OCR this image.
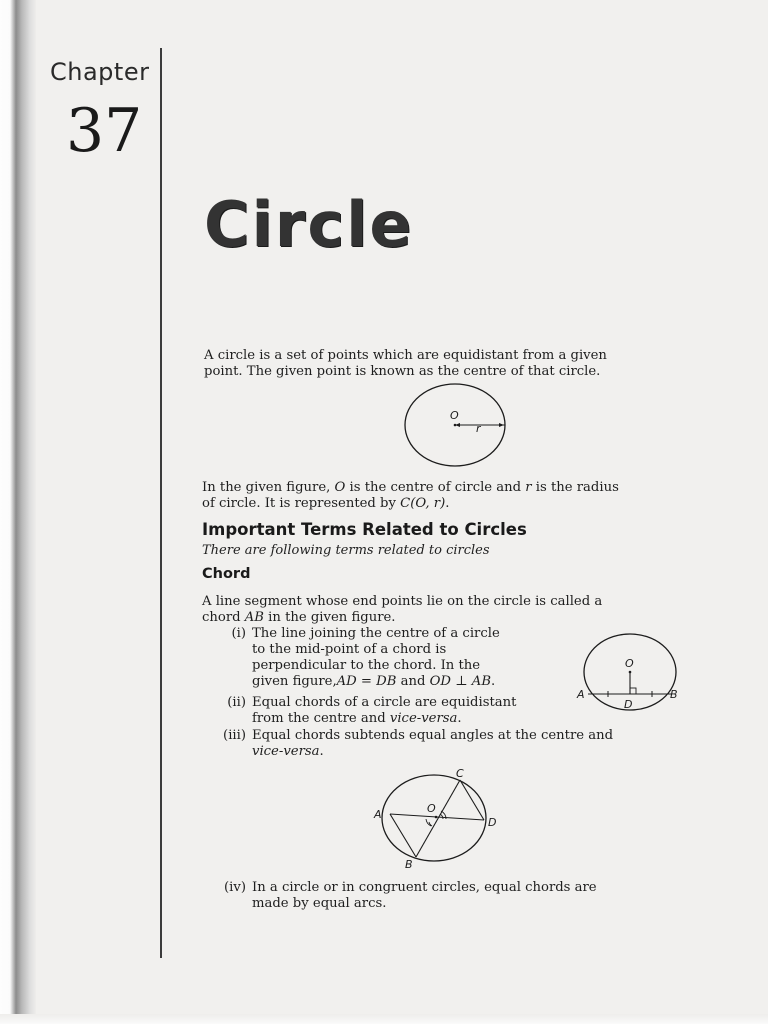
Chapter
37
Circle
A circle is a set of points which are equidistant from a given
point. The given point is known as the centre of that circle.
O
r
In the given figure, O is the centre of circle and r is the radius
of circle. It is represented by C(O, r).
Important Terms Related to Circles
There are following terms related to circles
Chord
A line segment whose end points lie on the circle is called a
chord AB in the given figure.
(i) The line joining the centre of a circle
to the mid-point of a chord is
perpendicular to the chord. In the
given figure,AD = DB and OD ⊥ AB.
O
A	B
D
(ii) Equal chords of a circle are equidistant
from the centre and vice-versa.
(iii) Equal chords subtends equal angles at the centre and
vice-versa.
A
B
C
D
O
(iv) In a circle or in congruent circles, equal chords are
made by equal arcs.
